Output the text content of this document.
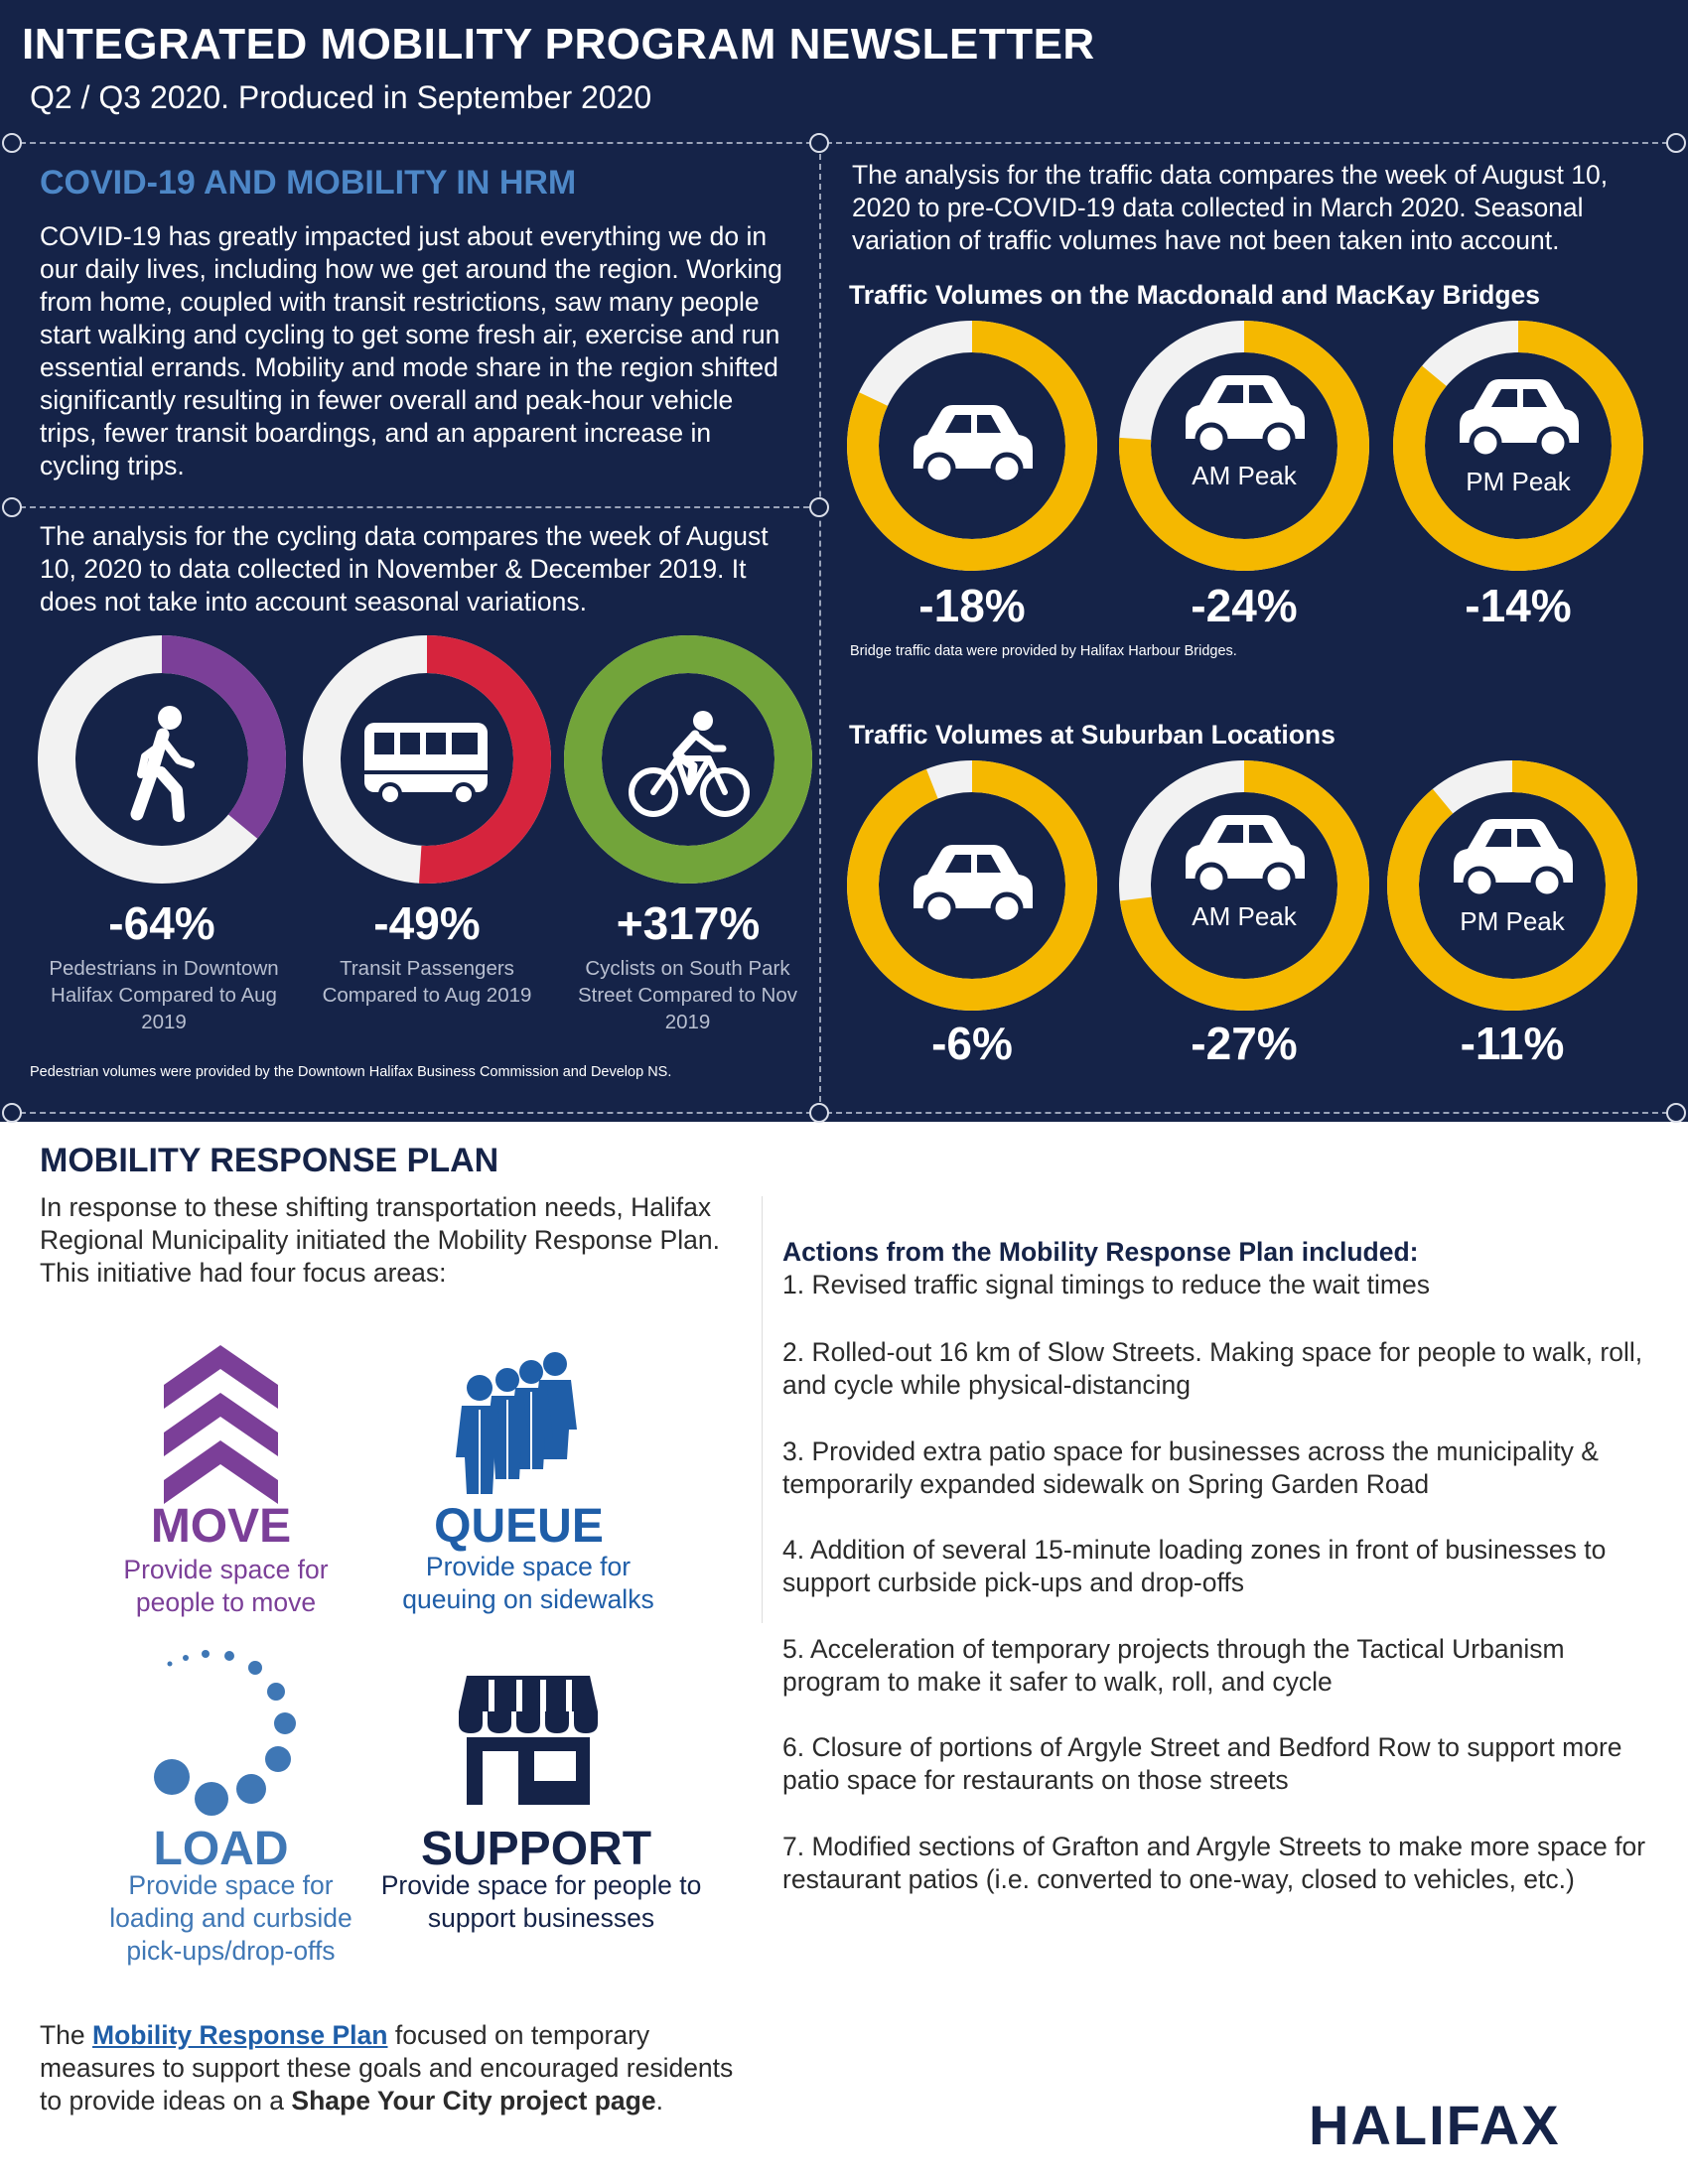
INTEGRATED MOBILITY PROGRAM NEWSLETTER
Q2 / Q3 2020. Produced in September 2020
COVID-19 AND MOBILITY IN HRM
COVID-19 has greatly impacted just about everything we do in our daily lives, including how we get around the region. Working from home, coupled with transit restrictions, saw many people start walking and cycling to get some fresh air, exercise and run essential errands. Mobility and mode share in the region shifted significantly resulting in fewer overall and peak-hour vehicle trips, fewer transit boardings, and an apparent increase in cycling trips.
The analysis for the cycling data compares the week of August 10, 2020 to data collected in November & December 2019. It does not take into account seasonal variations.
The analysis for the traffic data compares the week of August 10, 2020 to pre-COVID-19 data collected in March 2020. Seasonal variation of traffic volumes have not been taken into account.
-64%	-49%	+317%
Pedestrians in Downtown Halifax Compared to Aug 2019
Transit Passengers Compared to Aug 2019
Cyclists on South Park Street Compared to Nov 2019
Pedestrian volumes were provided by the Downtown Halifax Business Commission and Develop NS.
Traffic Volumes on the Macdonald and MacKay Bridges
AM Peak	PM Peak
-18%	-24%	-14%
Bridge traffic data were provided by Halifax Harbour Bridges.
Traffic Volumes at Suburban Locations
AM Peak	PM Peak
-6%	-27%	-11%
MOBILITY RESPONSE PLAN
In response to these shifting transportation needs, Halifax Regional Municipality initiated the Mobility Response Plan. This initiative had four focus areas:
MOVE
Provide space for people to move
QUEUE
Provide space for queuing on sidewalks
LOAD
Provide space for loading and curbside pick-ups/drop-offs
SUPPORT
Provide space for people to support businesses
The Mobility Response Plan focused on temporary measures to support these goals and encouraged residents to provide ideas on a Shape Your City project page.
Actions from the Mobility Response Plan included:
1. Revised traffic signal timings to reduce the wait times
2. Rolled-out 16 km of Slow Streets. Making space for people to walk, roll, and cycle while physical-distancing
3. Provided extra patio space for businesses across the municipality & temporarily expanded sidewalk on Spring Garden Road
4. Addition of several 15-minute loading zones in front of businesses to support curbside pick-ups and drop-offs
5. Acceleration of temporary projects through the Tactical Urbanism program to make it safer to walk, roll, and cycle
6. Closure of portions of Argyle Street and Bedford Row to support more patio space for restaurants on those streets
7. Modified sections of Grafton and Argyle Streets to make more space for restaurant patios (i.e. converted to one-way, closed to vehicles, etc.)
HALIFAX
